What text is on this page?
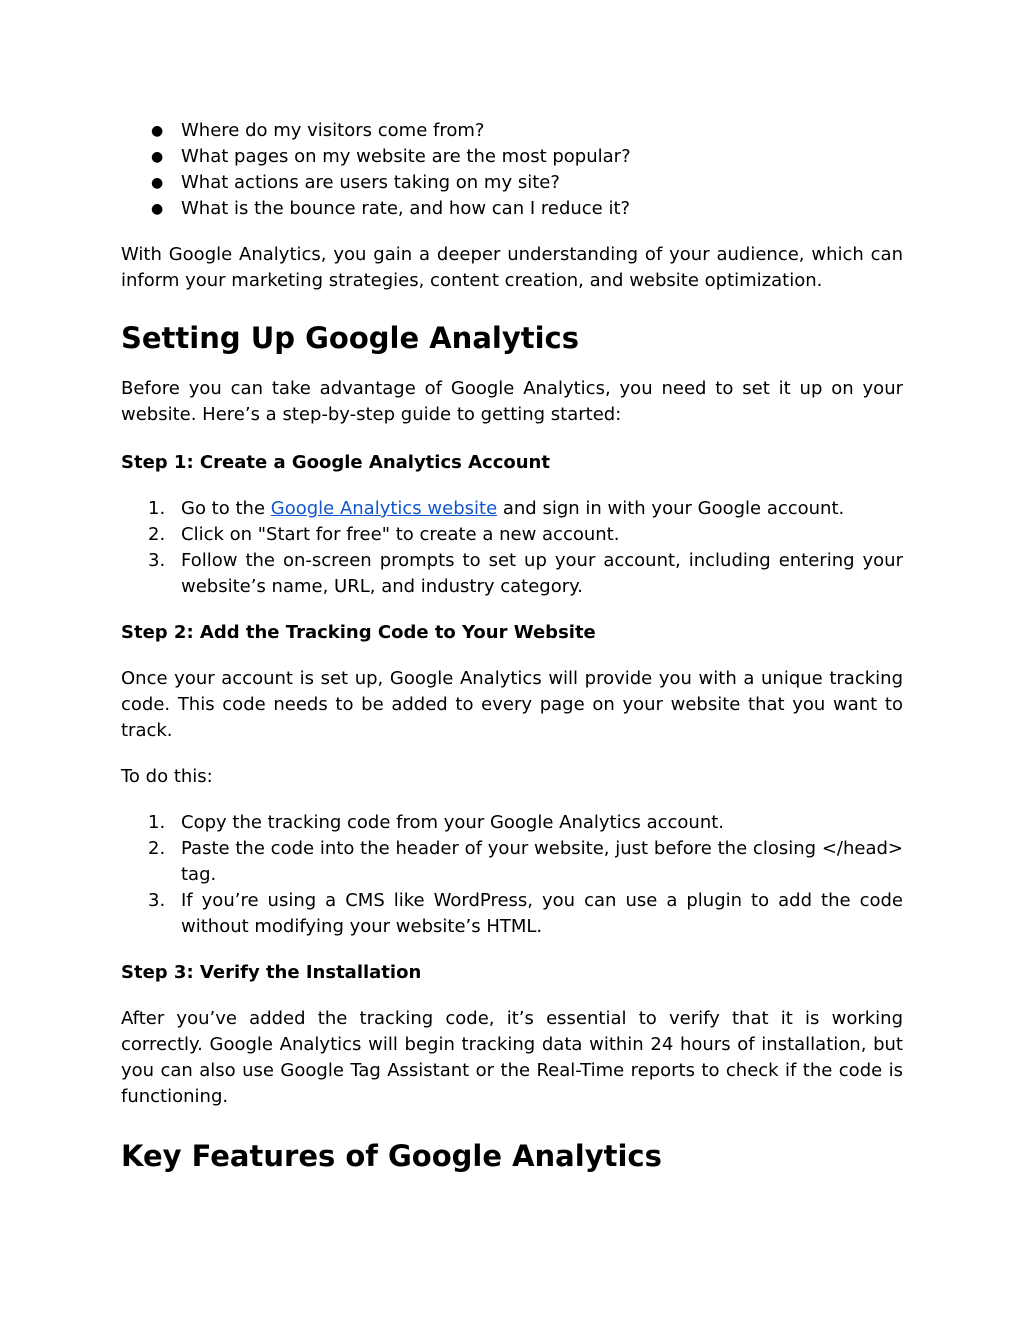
● Where do my visitors come from?
● What pages on my website are the most popular?
● What actions are users taking on my site?
● What is the bounce rate, and how can I reduce it?

With Google Analytics, you gain a deeper understanding of your audience, which can inform your marketing strategies, content creation, and website optimization.

Setting Up Google Analytics

Before you can take advantage of Google Analytics, you need to set it up on your website. Here’s a step-by-step guide to getting started:

Step 1: Create a Google Analytics Account
1. Go to the Google Analytics website and sign in with your Google account.
2. Click on "Start for free" to create a new account.
3. Follow the on-screen prompts to set up your account, including entering your website’s name, URL, and industry category.
Step 2: Add the Tracking Code to Your Website

Once your account is set up, Google Analytics will provide you with a unique tracking code. This code needs to be added to every page on your website that you want to track.

To do this:

1. Copy the tracking code from your Google Analytics account.
2. Paste the code into the header of your website, just before the closing </head> tag.
3. If you’re using a CMS like WordPress, you can use a plugin to add the code without modifying your website’s HTML.
Step 3: Verify the Installation

After you’ve added the tracking code, it’s essential to verify that it is working correctly. Google Analytics will begin tracking data within 24 hours of installation, but you can also use Google Tag Assistant or the Real-Time reports to check if the code is functioning.

Key Features of Google Analytics
